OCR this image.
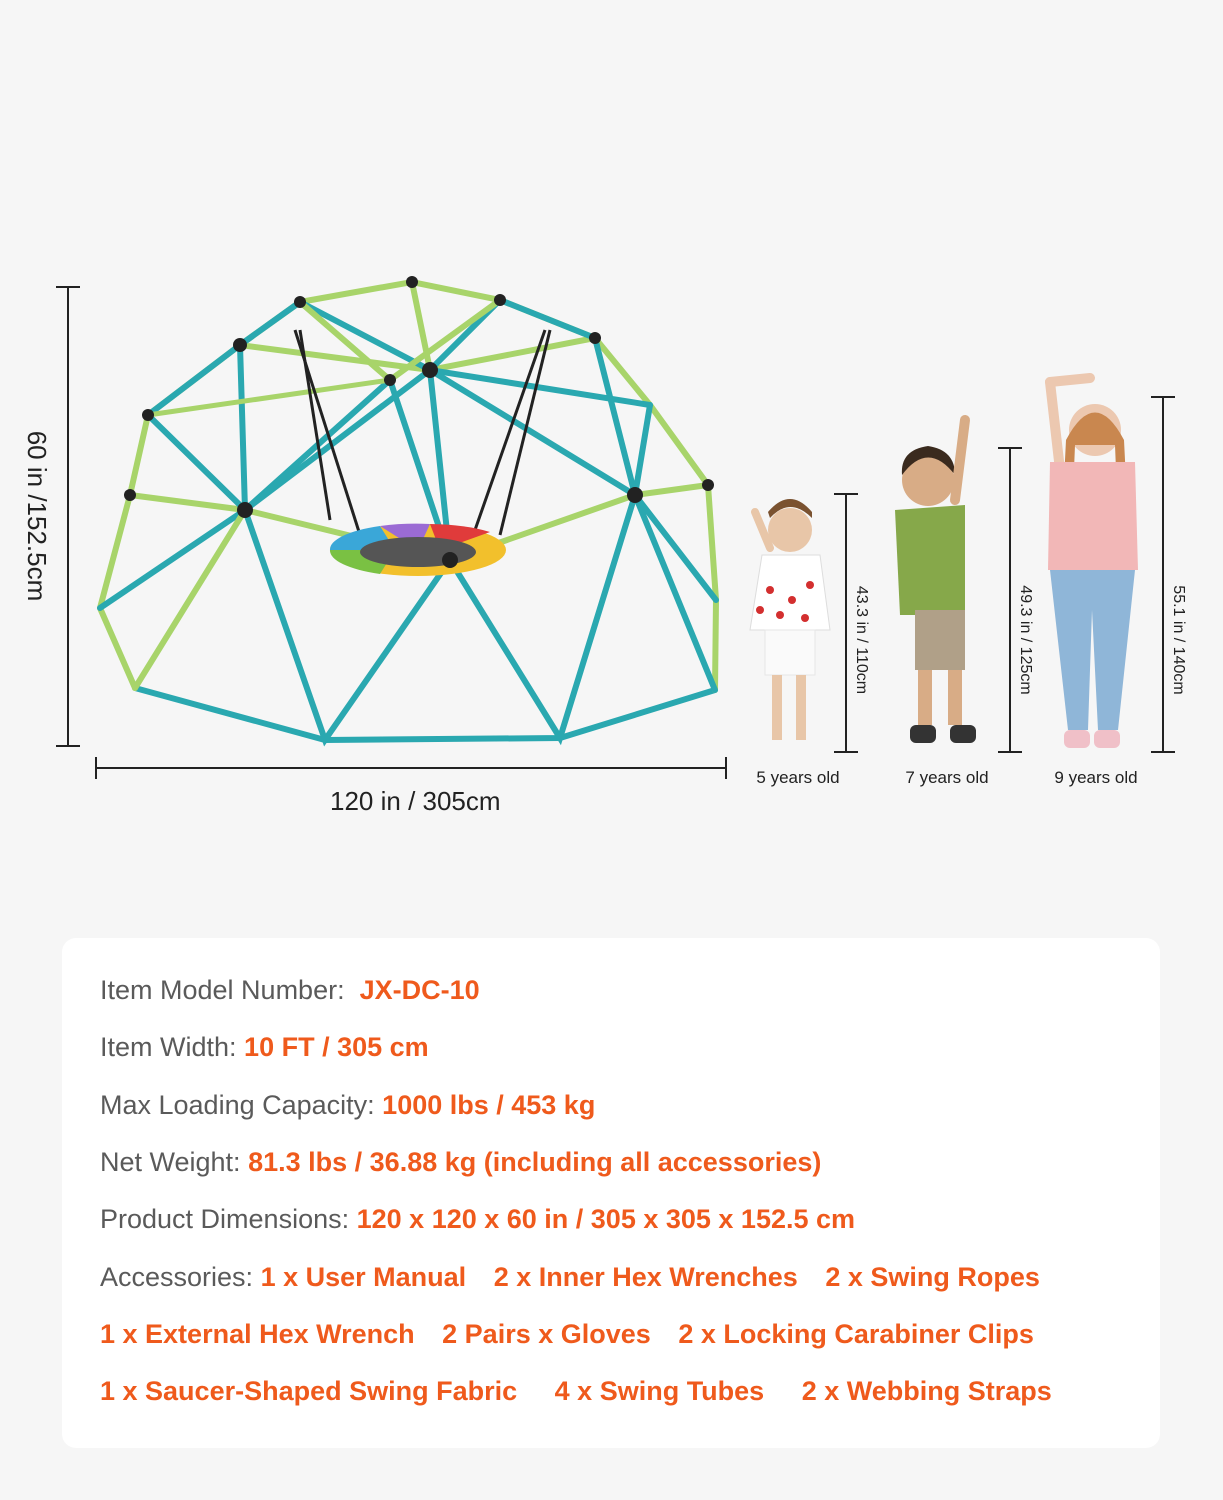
60 in /152.5cm
43.3 in / 110cm	49.3 in / 125cm	55.1 in / 140cm
120 in / 305cm
5 years old	7 years old	9 years old
Item Model Number: JX-DC-10
Item Width: 10 FT / 305 cm
Max Loading Capacity: 1000 lbs / 453 kg
Net Weight: 81.3 lbs / 36.88 kg (including all accessories)
Product Dimensions: 120 x 120 x 60 in / 305 x 305 x 152.5 cm
Accessories: 1 x User Manual 2 x Inner Hex Wrenches 2 x Swing Ropes
1 x External Hex Wrench 2 Pairs x Gloves 2 x Locking Carabiner Clips
1 x Saucer-Shaped Swing Fabric 4 x Swing Tubes 2 x Webbing Straps
